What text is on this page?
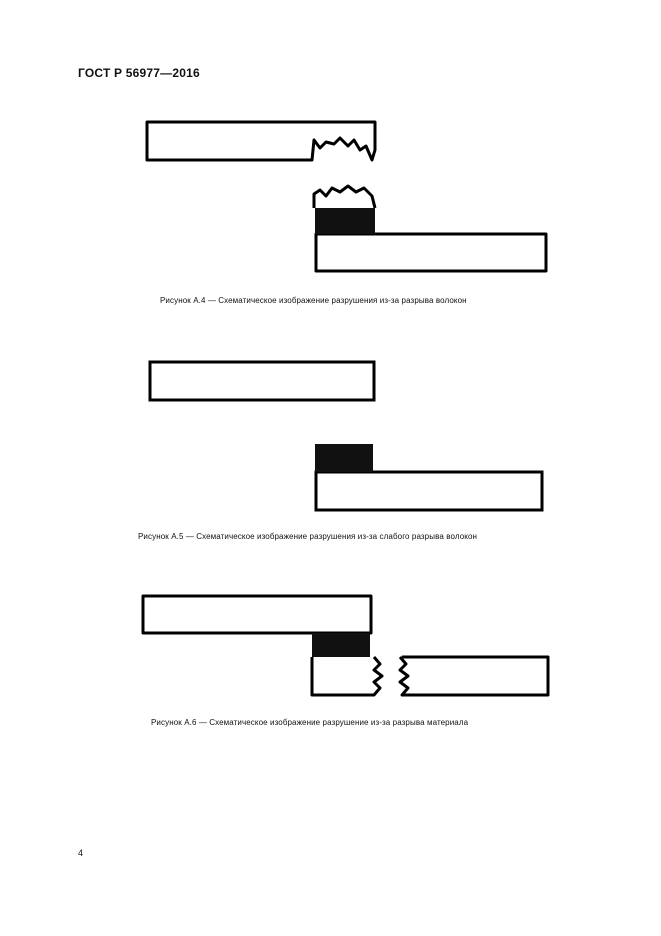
ГОСТ Р 56977—2016
Рисунок А.4 — Схематическое изображение разрушения из-за разрыва волокон
Рисунок А.5 — Схематическое изображение разрушения из-за слабого разрыва волокон
Рисунок А.6 — Схематическое изображение разрушение из-за разрыва материала
4
